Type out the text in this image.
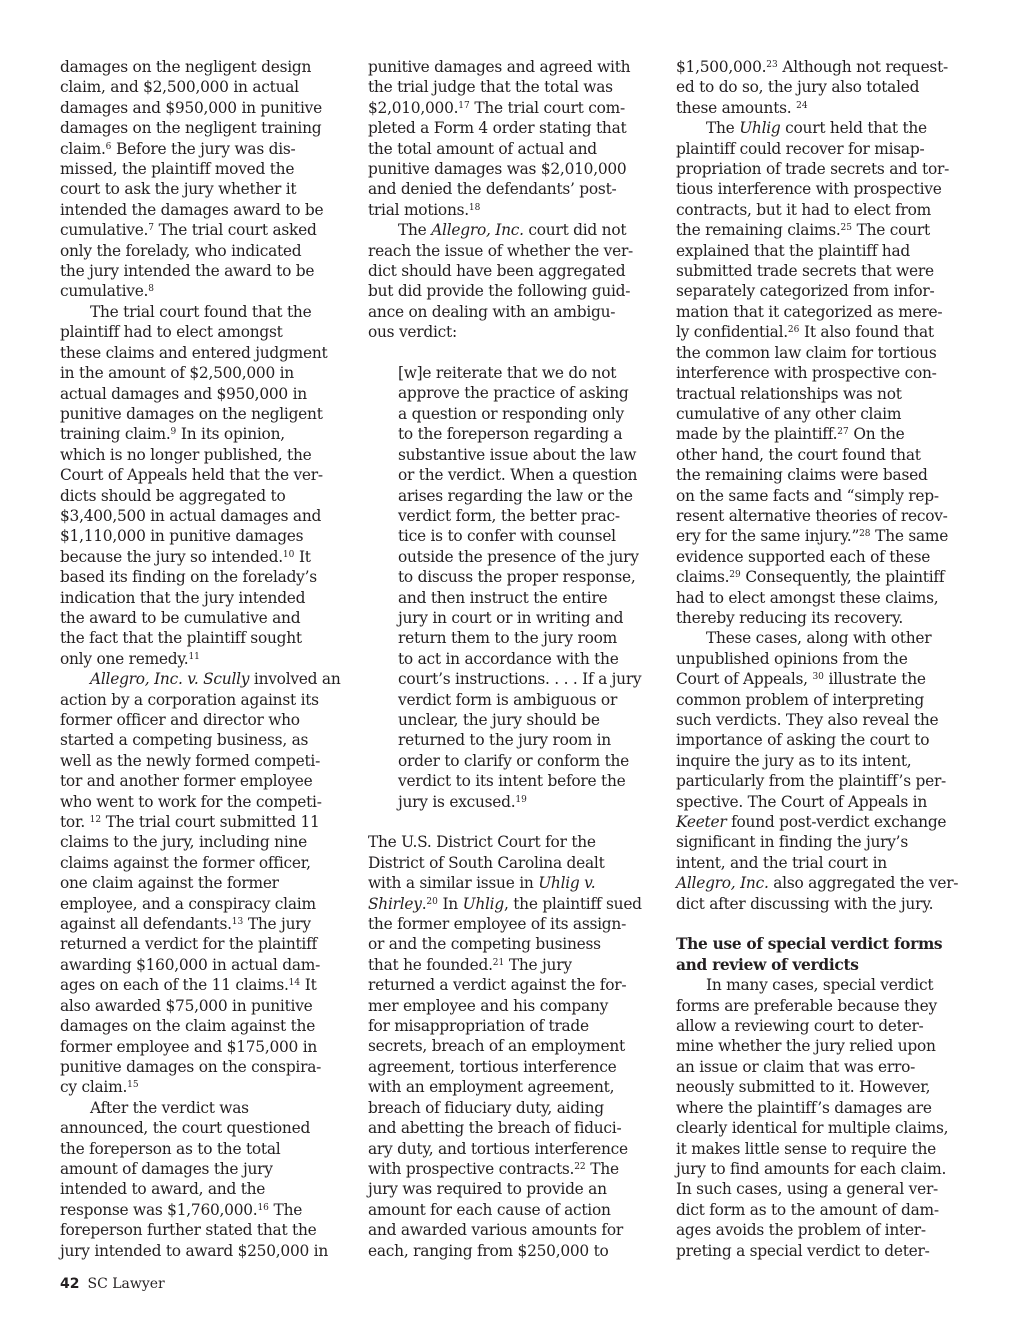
damages on the negligent design
claim, and $2,500,000 in actual
damages and $950,000 in punitive
damages on the negligent training
claim.$^6$ Before the jury was dis-
missed, the plaintiff moved the
court to ask the jury whether it
intended the damages award to be
cumulative.$^7$ The trial court asked
only the forelady, who indicated
the jury intended the award to be
cumulative.$^8$
The trial court found that the
plaintiff had to elect amongst
these claims and entered judgment
in the amount of $2,500,000 in
actual damages and $950,000 in
punitive damages on the negligent
training claim.$^9$ In its opinion,
which is no longer published, the
Court of Appeals held that the ver-
dicts should be aggregated to
$3,400,500 in actual damages and
$1,110,000 in punitive damages
because the jury so intended.$^{10}$ It
based its finding on the forelady’s
indication that the jury intended
the award to be cumulative and
the fact that the plaintiff sought
only one remedy.$^{11}$
Allegro, Inc. v. Scully involved an
action by a corporation against its
former officer and director who
started a competing business, as
well as the newly formed competi-
tor and another former employee
who went to work for the competi-
tor. $^{12}$ The trial court submitted 11
claims to the jury, including nine
claims against the former officer,
one claim against the former
employee, and a conspiracy claim
against all defendants.$^{13}$ The jury
returned a verdict for the plaintiff
awarding $160,000 in actual dam-
ages on each of the 11 claims.$^{14}$ It
also awarded $75,000 in punitive
damages on the claim against the
former employee and $175,000 in
punitive damages on the conspira-
cy claim.$^{15}$
After the verdict was
announced, the court questioned
the foreperson as to the total
amount of damages the jury
intended to award, and the
response was $1,760,000.16 The
foreperson further stated that the
jury intended to award $250,000 in
punitive damages and agreed with
the trial judge that the total was
$2,010,000.17 The trial court com-
pleted a Form 4 order stating that
the total amount of actual and
punitive damages was $2,010,000
and denied the defendants’ post-
trial motions.$^{18}$
The Allegro, Inc. court did not
reach the issue of whether the ver-
dict should have been aggregated
but did provide the following guid-
ance on dealing with an ambigu-
ous verdict:
[w]e reiterate that we do not
approve the practice of asking
a question or responding only
to the foreperson regarding a
substantive issue about the law
or the verdict. When a question
arises regarding the law or the
verdict form, the better prac-
tice is to confer with counsel
outside the presence of the jury
to discuss the proper response,
and then instruct the entire
jury in court or in writing and
return them to the jury room
to act in accordance with the
court’s instructions. . . . If a jury
verdict form is ambiguous or
unclear, the jury should be
returned to the jury room in
order to clarify or conform the
verdict to its intent before the
jury is excused.$^{19}$
The U.S. District Court for the
District of South Carolina dealt
with a similar issue in Uhlig v.
Shirley.$^{20}$ In Uhlig, the plaintiff sued
the former employee of its assign-
or and the competing business
that he founded.$^{21}$ The jury
returned a verdict against the for-
mer employee and his company
for misappropriation of trade
secrets, breach of an employment
agreement, tortious interference
with an employment agreement,
breach of fiduciary duty, aiding
and abetting the breach of fiduci-
ary duty, and tortious interference
with prospective contracts.$^{22}$ The
jury was required to provide an
amount for each cause of action
and awarded various amounts for
each, ranging from $250,000 to
$1,500,000.23 Although not request-
ed to do so, the jury also totaled
these amounts. $^{24}$
The Uhlig court held that the
plaintiff could recover for misap-
propriation of trade secrets and tor-
tious interference with prospective
contracts, but it had to elect from
the remaining claims.$^{25}$ The court
explained that the plaintiff had
submitted trade secrets that were
separately categorized from infor-
mation that it categorized as mere-
ly confidential.$^{26}$ It also found that
the common law claim for tortious
interference with prospective con-
tractual relationships was not
cumulative of any other claim
made by the plaintiff.$^{27}$ On the
other hand, the court found that
the remaining claims were based
on the same facts and “simply rep-
resent alternative theories of recov-
ery for the same injury.”$^{28}$ The same
evidence supported each of these
claims.$^{29}$ Consequently, the plaintiff
had to elect amongst these claims,
thereby reducing its recovery.
These cases, along with other
unpublished opinions from the
Court of Appeals, $^{30}$ illustrate the
common problem of interpreting
such verdicts. They also reveal the
importance of asking the court to
inquire the jury as to its intent,
particularly from the plaintiff’s per-
spective. The Court of Appeals in
Keeter found post-verdict exchange
significant in finding the jury’s
intent, and the trial court in
Allegro, Inc. also aggregated the ver-
dict after discussing with the jury.
The use of special verdict forms
and review of verdicts
In many cases, special verdict
forms are preferable because they
allow a reviewing court to deter-
mine whether the jury relied upon
an issue or claim that was erro-
neously submitted to it. However,
where the plaintiff’s damages are
clearly identical for multiple claims,
it makes little sense to require the
jury to find amounts for each claim.
In such cases, using a general ver-
dict form as to the amount of dam-
ages avoids the problem of inter-
preting a special verdict to deter-
42 SC Lawyer
